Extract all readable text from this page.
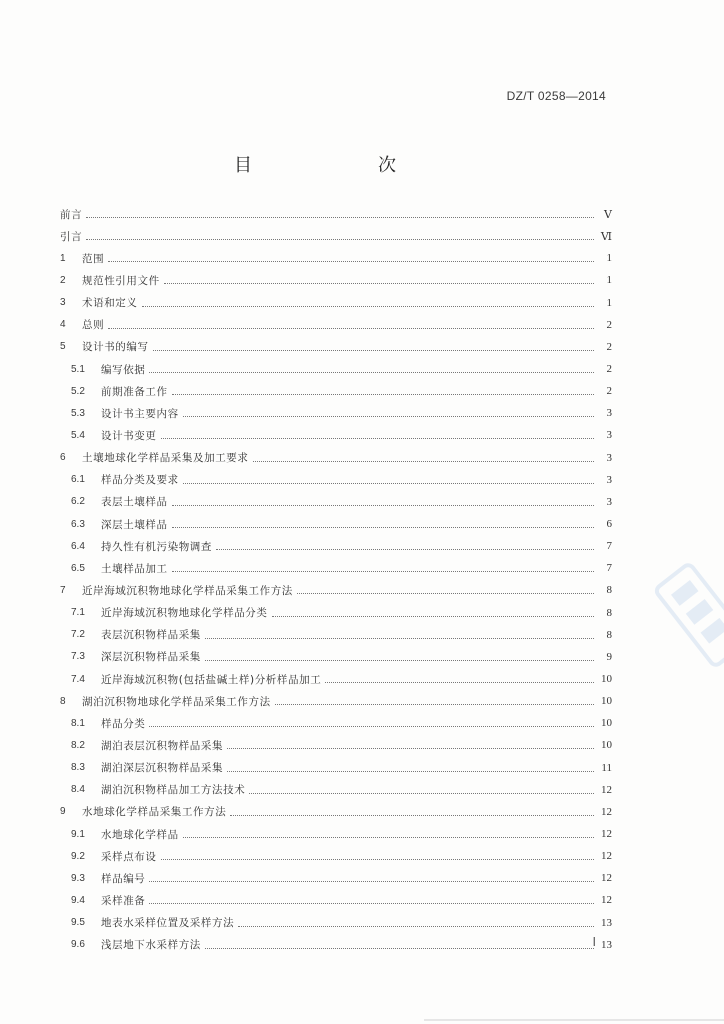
DZ/T 0258—2014
目　　次
前言	Ⅴ
引言	Ⅵ
1	范围	1
2	规范性引用文件	1
3	术语和定义	1
4	总则	2
5	设计书的编写	2
5.1	编写依据	2
5.2	前期准备工作	2
5.3	设计书主要内容	3
5.4	设计书变更	3
6	土壤地球化学样品采集及加工要求	3
6.1	样品分类及要求	3
6.2	表层土壤样品	3
6.3	深层土壤样品	6
6.4	持久性有机污染物调查	7
6.5	土壤样品加工	7
7	近岸海域沉积物地球化学样品采集工作方法	8
7.1	近岸海域沉积物地球化学样品分类	8
7.2	表层沉积物样品采集	8
7.3	深层沉积物样品采集	9
7.4	近岸海域沉积物(包括盐碱土样)分析样品加工	10
8	湖泊沉积物地球化学样品采集工作方法	10
8.1	样品分类	10
8.2	湖泊表层沉积物样品采集	10
8.3	湖泊深层沉积物样品采集	11
8.4	湖泊沉积物样品加工方法技术	12
9	水地球化学样品采集工作方法	12
9.1	水地球化学样品	12
9.2	采样点布设	12
9.3	样品编号	12
9.4	采样准备	12
9.5	地表水采样位置及采样方法	13
9.6	浅层地下水采样方法	13
Ⅰ
